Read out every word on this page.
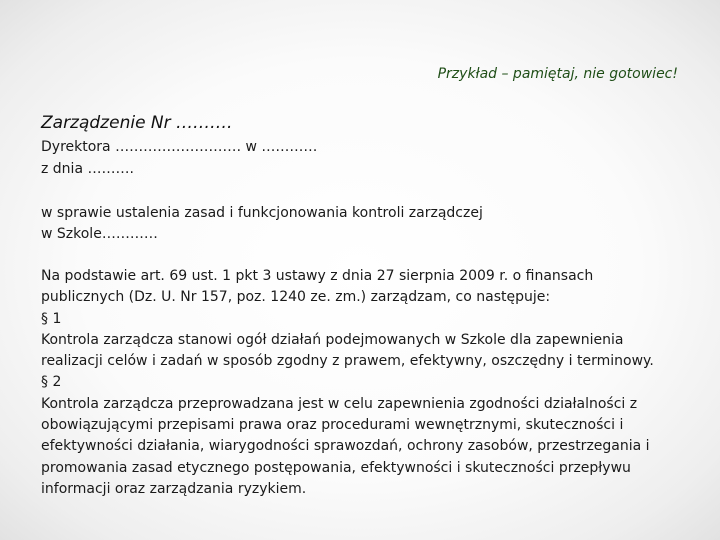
Przykład – pamiętaj, nie gotowiec!
Zarządzenie Nr ……….
Dyrektora ……………………… w …………
z dnia ……….
w sprawie ustalenia zasad i funkcjonowania kontroli zarządczej
w Szkole…………
Na podstawie art. 69 ust. 1 pkt 3 ustawy z dnia 27 sierpnia 2009 r. o finansach
publicznych (Dz. U. Nr 157, poz. 1240 ze. zm.) zarządzam, co następuje:
§ 1
Kontrola zarządcza stanowi ogół działań podejmowanych w Szkole dla zapewnienia
realizacji celów i zadań w sposób zgodny z prawem, efektywny, oszczędny i terminowy.
§ 2
Kontrola zarządcza przeprowadzana jest w celu zapewnienia zgodności działalności z
obowiązującymi przepisami prawa oraz procedurami wewnętrznymi, skuteczności i
efektywności działania, wiarygodności sprawozdań, ochrony zasobów, przestrzegania i
promowania zasad etycznego postępowania, efektywności i skuteczności przepływu
informacji oraz zarządzania ryzykiem.
